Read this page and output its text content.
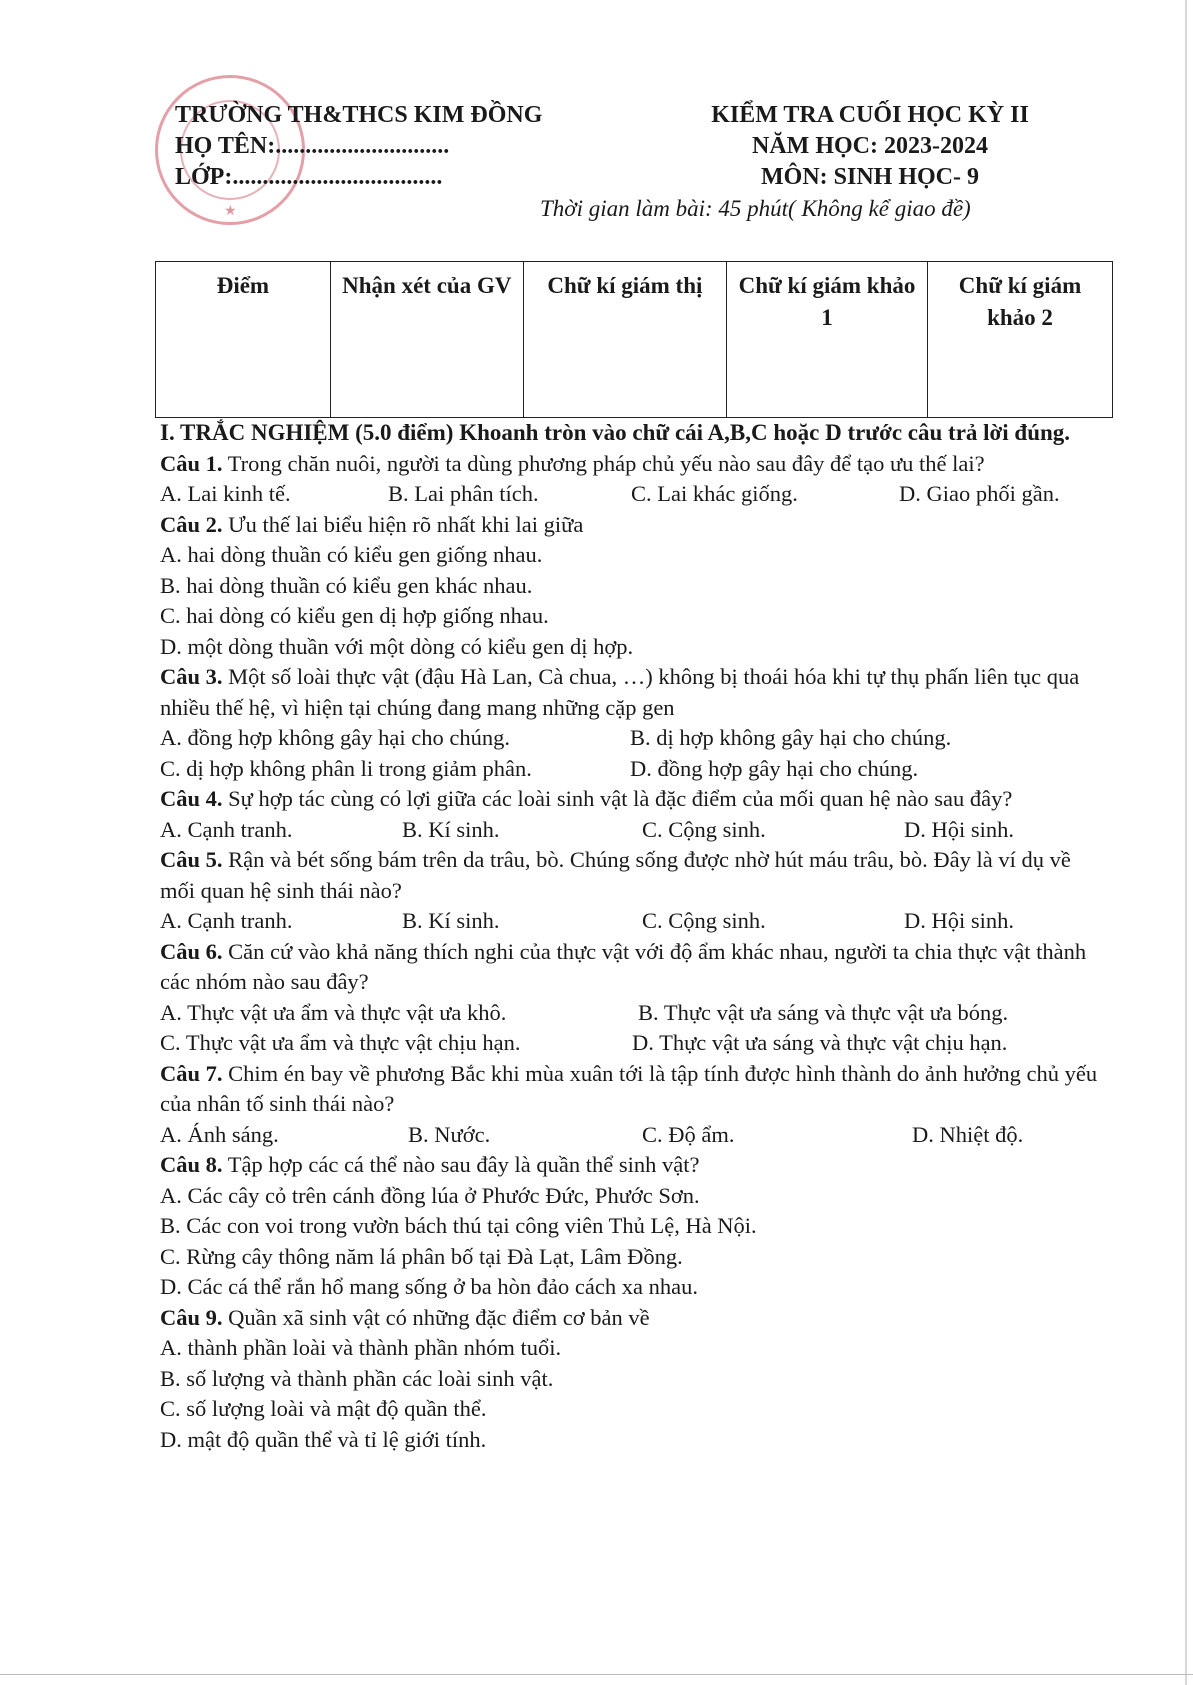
★
TRƯỜNG TH&THCS KIM ĐỒNG
HỌ TÊN:.............................
LỚP:...................................
KIỂM TRA CUỐI HỌC KỲ II
NĂM HỌC: 2023-2024
MÔN: SINH HỌC- 9
Thời gian làm bài: 45 phút( Không kể giao đề)
Điểm	Nhận xét của GV	Chữ kí giám thị	Chữ kí giám khảo 1	Chữ kí giám khảo 2

I. TRẮC NGHIỆM (5.0 điểm) Khoanh tròn vào chữ cái A,B,C hoặc D trước câu trả lời đúng.

Câu 1. Trong chăn nuôi, người ta dùng phương pháp chủ yếu nào sau đây để tạo ưu thế lai?

A. Lai kinh tế.	B. Lai phân tích.	C. Lai khác giống.	D. Giao phối gần.

Câu 2. Ưu thế lai biểu hiện rõ nhất khi lai giữa

A. hai dòng thuần có kiểu gen giống nhau.

B. hai dòng thuần có kiểu gen khác nhau.

C. hai dòng có kiểu gen dị hợp giống nhau.

D. một dòng thuần với một dòng có kiểu gen dị hợp.

Câu 3. Một số loài thực vật (đậu Hà Lan, Cà chua, …) không bị thoái hóa khi tự thụ phấn liên tục qua nhiều thế hệ, vì hiện tại chúng đang mang những cặp gen

A. đồng hợp không gây hại cho chúng.	B. dị hợp không gây hại cho chúng.
C. dị hợp không phân li trong giảm phân.	D. đồng hợp gây hại cho chúng.

Câu 4. Sự hợp tác cùng có lợi giữa các loài sinh vật là đặc điểm của mối quan hệ nào sau đây?

A. Cạnh tranh.	B. Kí sinh.	C. Cộng sinh.	D. Hội sinh.

Câu 5. Rận và bét sống bám trên da trâu, bò. Chúng sống được nhờ hút máu trâu, bò. Đây là ví dụ về mối quan hệ sinh thái nào?

A. Cạnh tranh.	B. Kí sinh.	C. Cộng sinh.	D. Hội sinh.

Câu 6. Căn cứ vào khả năng thích nghi của thực vật với độ ẩm khác nhau, người ta chia thực vật thành các nhóm nào sau đây?

A. Thực vật ưa ẩm và thực vật ưa khô.	B. Thực vật ưa sáng và thực vật ưa bóng.
C. Thực vật ưa ẩm và thực vật chịu hạn.	D. Thực vật ưa sáng và thực vật chịu hạn.

Câu 7. Chim én bay về phương Bắc khi mùa xuân tới là tập tính được hình thành do ảnh hưởng chủ yếu của nhân tố sinh thái nào?

A. Ánh sáng.	B. Nước.	C. Độ ẩm.	D. Nhiệt độ.

Câu 8. Tập hợp các cá thể nào sau đây là quần thể sinh vật?

A. Các cây cỏ trên cánh đồng lúa ở Phước Đức, Phước Sơn.

B. Các con voi trong vườn bách thú tại công viên Thủ Lệ, Hà Nội.

C. Rừng cây thông năm lá phân bố tại Đà Lạt, Lâm Đồng.

D. Các cá thể rắn hổ mang sống ở ba hòn đảo cách xa nhau.

Câu 9. Quần xã sinh vật có những đặc điểm cơ bản về

A. thành phần loài và thành phần nhóm tuổi.

B. số lượng và thành phần các loài sinh vật.

C. số lượng loài và mật độ quần thể.

D. mật độ quần thể và tỉ lệ giới tính.
